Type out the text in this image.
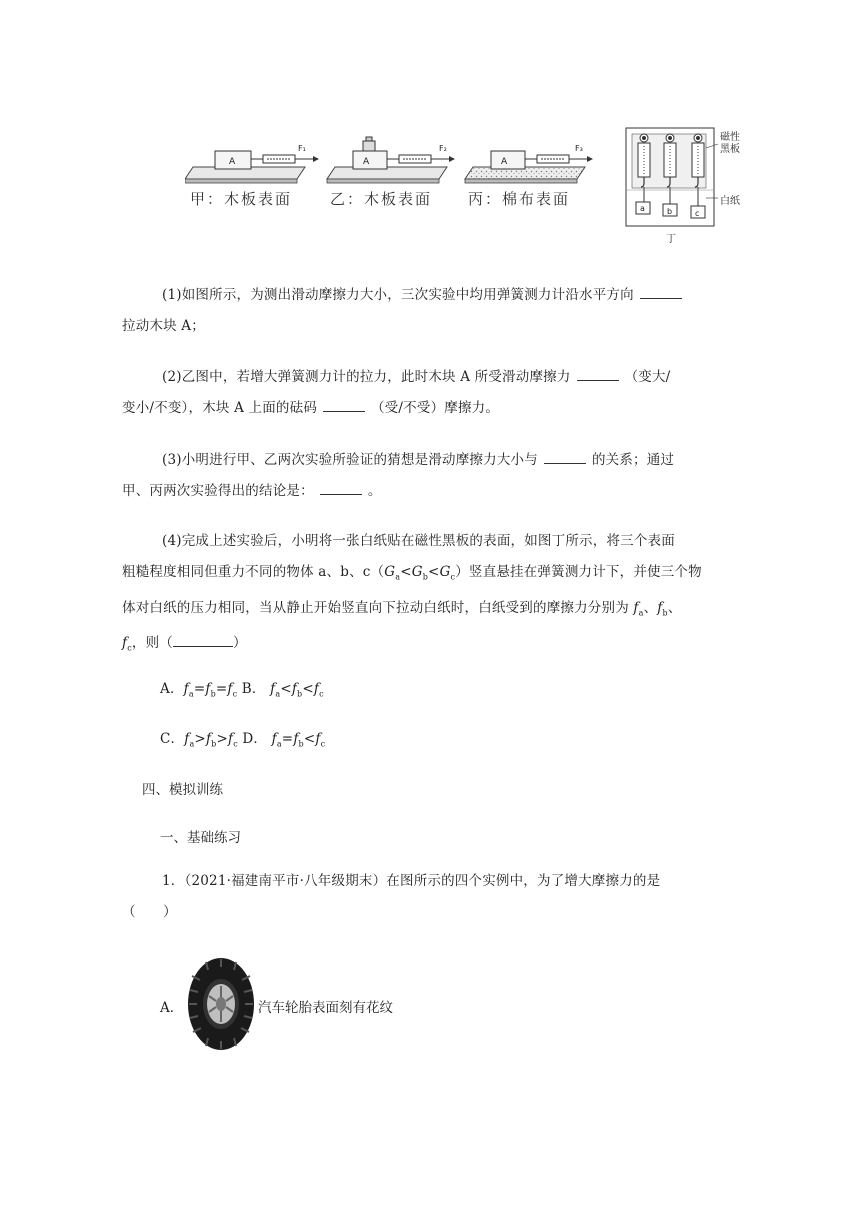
A
F₁
A
F₂
A
F₃
甲：木板表面	乙：木板表面 丙：棉布表面
a	b	c
磁性
黑板
白纸
丁
(1)如图所示，为测出滑动摩擦力大小，三次实验中均用弹簧测力计沿水平方向
拉动木块 A；
(2)乙图中，若增大弹簧测力计的拉力，此时木块 A 所受滑动摩擦力	（变大/
变小/不变），木块 A 上面的砝码	（受/不受）摩擦力。
(3)小明进行甲、乙两次实验所验证的猜想是滑动摩擦力大小与	的关系；通过
甲、丙两次实验得出的结论是：	。
(4)完成上述实验后，小明将一张白纸贴在磁性黑板的表面，如图丁所示，将三个表面
粗糙程度相同但重力不同的物体 a、b、$c(G_a<G_b<G_c)$竖直悬挂在弹簧测力计下，并使三个物
体对白纸的压力相同，当从静止开始竖直向下拉动白纸时，白纸受到的摩擦力分别为 $f_a$、$f_b$、
$f_c$，则（	）
A．$f_a=f_b=f_c$ B． $f_a<f_b<f_c$
C．$f_a>f_b>f_c$ D． $f_a=f_b<f_c$
四、模拟训练
一、基础练习
1．（2021·福建南平市·八年级期末）在图所示的四个实例中，为了增大摩擦力的是
（　　）
A．	汽车轮胎表面刻有花纹
